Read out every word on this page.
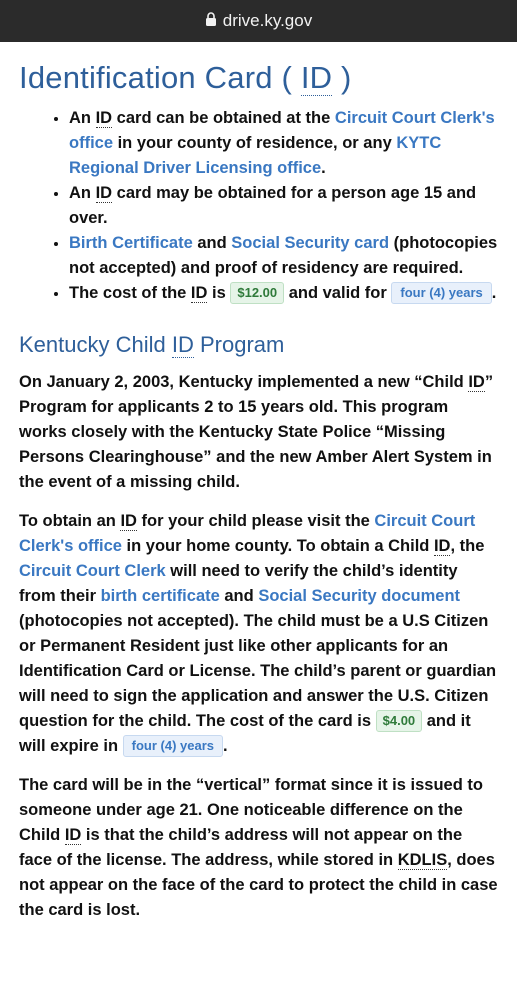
drive.ky.gov
Identification Card ( ID )
• An ID card can be obtained at the Circuit Court Clerk's office in your county of residence, or any KYTC Regional Driver Licensing office.
• An ID card may be obtained for a person age 15 and over.
• Birth Certificate and Social Security card (photocopies not accepted) and proof of residency are required.
• The cost of the ID is $12.00 and valid for four (4) years .
Kentucky Child ID Program

On January 2, 2003, Kentucky implemented a new “Child ID” Program for applicants 2 to 15 years old. This program works closely with the Kentucky State Police “Missing Persons Clearinghouse” and the new Amber Alert System in the event of a missing child.

To obtain an ID for your child please visit the Circuit Court Clerk's office in your home county. To obtain a Child ID, the Circuit Court Clerk will need to verify the child’s identity from their birth certificate and Social Security document (photocopies not accepted). The child must be a U.S Citizen or Permanent Resident just like other applicants for an Identification Card or License. The child’s parent or guardian will need to sign the application and answer the U.S. Citizen question for the child. The cost of the card is $4.00 and it will expire in four (4) years .

The card will be in the “vertical” format since it is issued to someone under age 21. One noticeable difference on the Child ID is that the child’s address will not appear on the face of the license. The address, while stored in KDLIS, does not appear on the face of the card to protect the child in case the card is lost.
